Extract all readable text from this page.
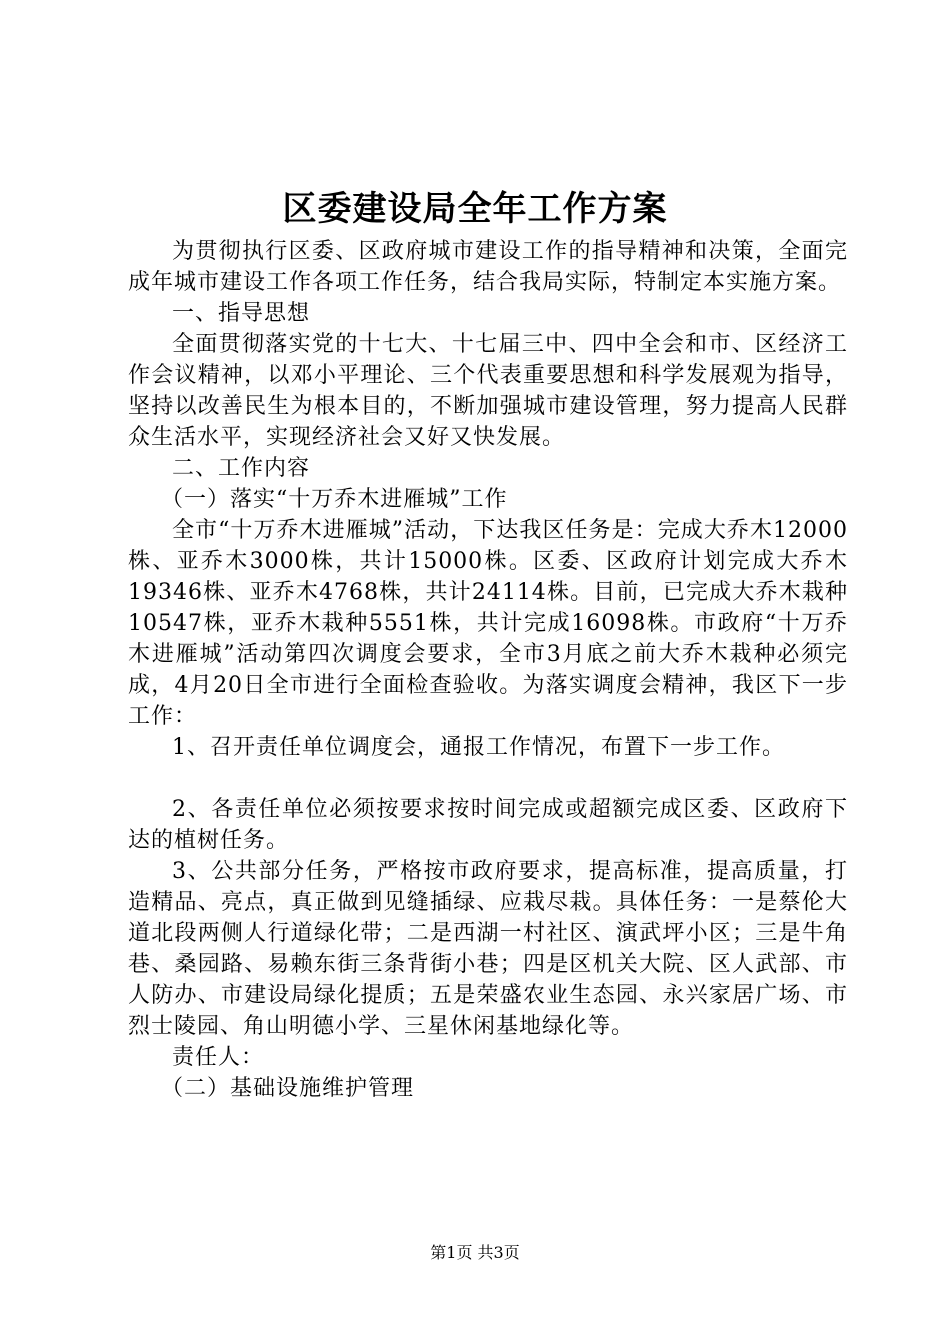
区委建设局全年工作方案

为贯彻执行区委、区政府城市建设工作的指导精神和决策，全面完成年城市建设工作各项工作任务，结合我局实际，特制定本实施方案。

一、指导思想

全面贯彻落实党的十七大、十七届三中、四中全会和市、区经济工作会议精神，以邓小平理论、三个代表重要思想和科学发展观为指导，坚持以改善民生为根本目的，不断加强城市建设管理，努力提高人民群众生活水平，实现经济社会又好又快发展。

二、工作内容

（一）落实“十万乔木进雁城”工作

全市“十万乔木进雁城”活动，下达我区任务是：完成大乔木12000株、亚乔木3000株，共计15000株。区委、区政府计划完成大乔木19346株、亚乔木4768株，共计24114株。目前，已完成大乔木栽种10547株，亚乔木栽种5551株，共计完成16098株。市政府“十万乔木进雁城”活动第四次调度会要求，全市3月底之前大乔木栽种必须完成，4月20日全市进行全面检查验收。为落实调度会精神，我区下一步工作：

1、召开责任单位调度会，通报工作情况，布置下一步工作。

2、各责任单位必须按要求按时间完成或超额完成区委、区政府下达的植树任务。

3、公共部分任务，严格按市政府要求，提高标准，提高质量，打造精品、亮点，真正做到见缝插绿、应栽尽栽。具体任务：一是蔡伦大道北段两侧人行道绿化带；二是西湖一村社区、演武坪小区；三是牛角巷、桑园路、易赖东街三条背街小巷；四是区机关大院、区人武部、市人防办、市建设局绿化提质；五是荣盛农业生态园、永兴家居广场、市烈士陵园、角山明德小学、三星休闲基地绿化等。

责任人：

（二）基础设施维护管理

第1页 共3页
